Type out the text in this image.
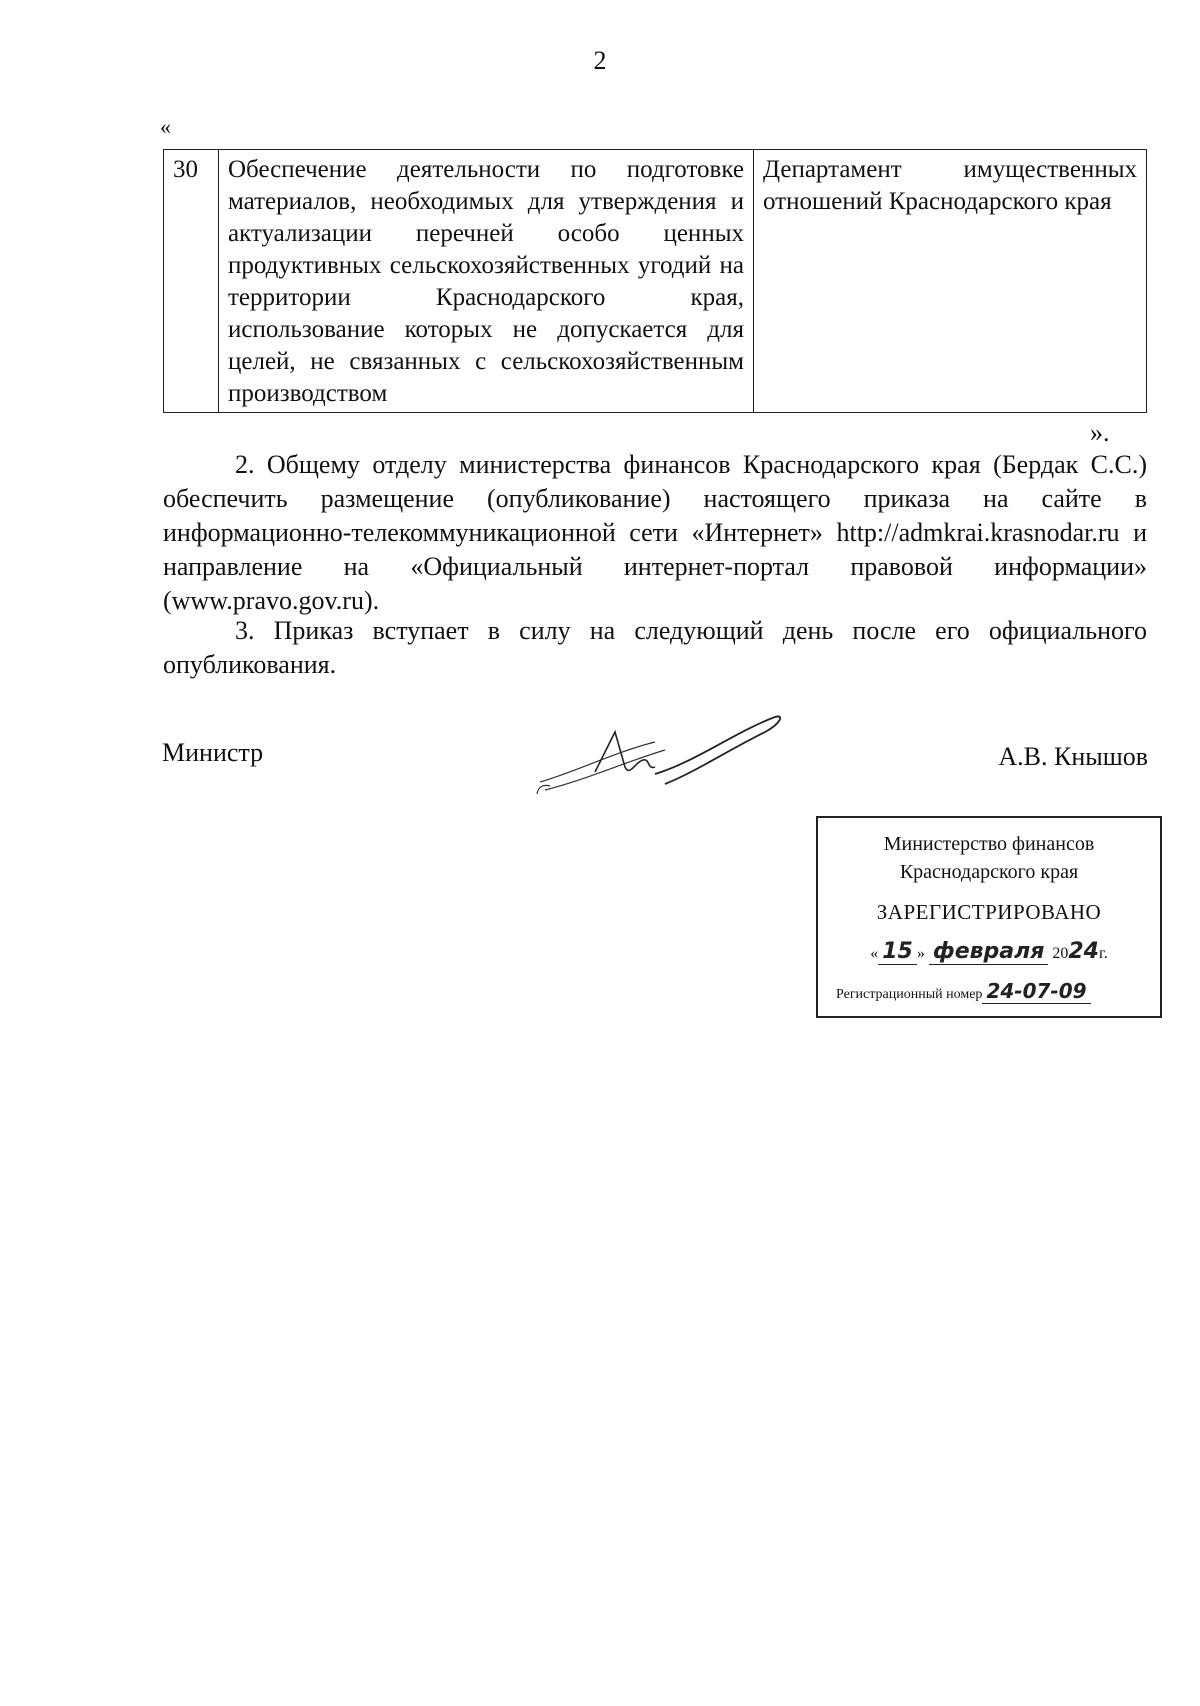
2
«
30	Обеспечение деятельности по подготовке материалов, необходимых для утверждения и актуализации перечней особо ценных продуктивных сельскохозяйственных угодий на территории Краснодарского края, использование которых не допускается для целей, не связанных с сельскохозяйственным производством	Департамент имущественных отношений Краснодарского края
».
2. Общему отделу министерства финансов Краснодарского края (Бердак С.С.) обеспечить размещение (опубликование) настоящего приказа на сайте в информационно-телекоммуникационной сети «Интернет» http://admkrai.krasnodar.ru и направление на «Официальный интернет-портал правовой информации» (www.pravo.gov.ru).
3. Приказ вступает в силу на следующий день после его официального опубликования.
Министр	А.В. Кнышов
Министерство финансов
Краснодарского края
ЗАРЕГИСТРИРОВАНО
« 15 » февраля 2024г.
Регистрационный номер 24-07-09
